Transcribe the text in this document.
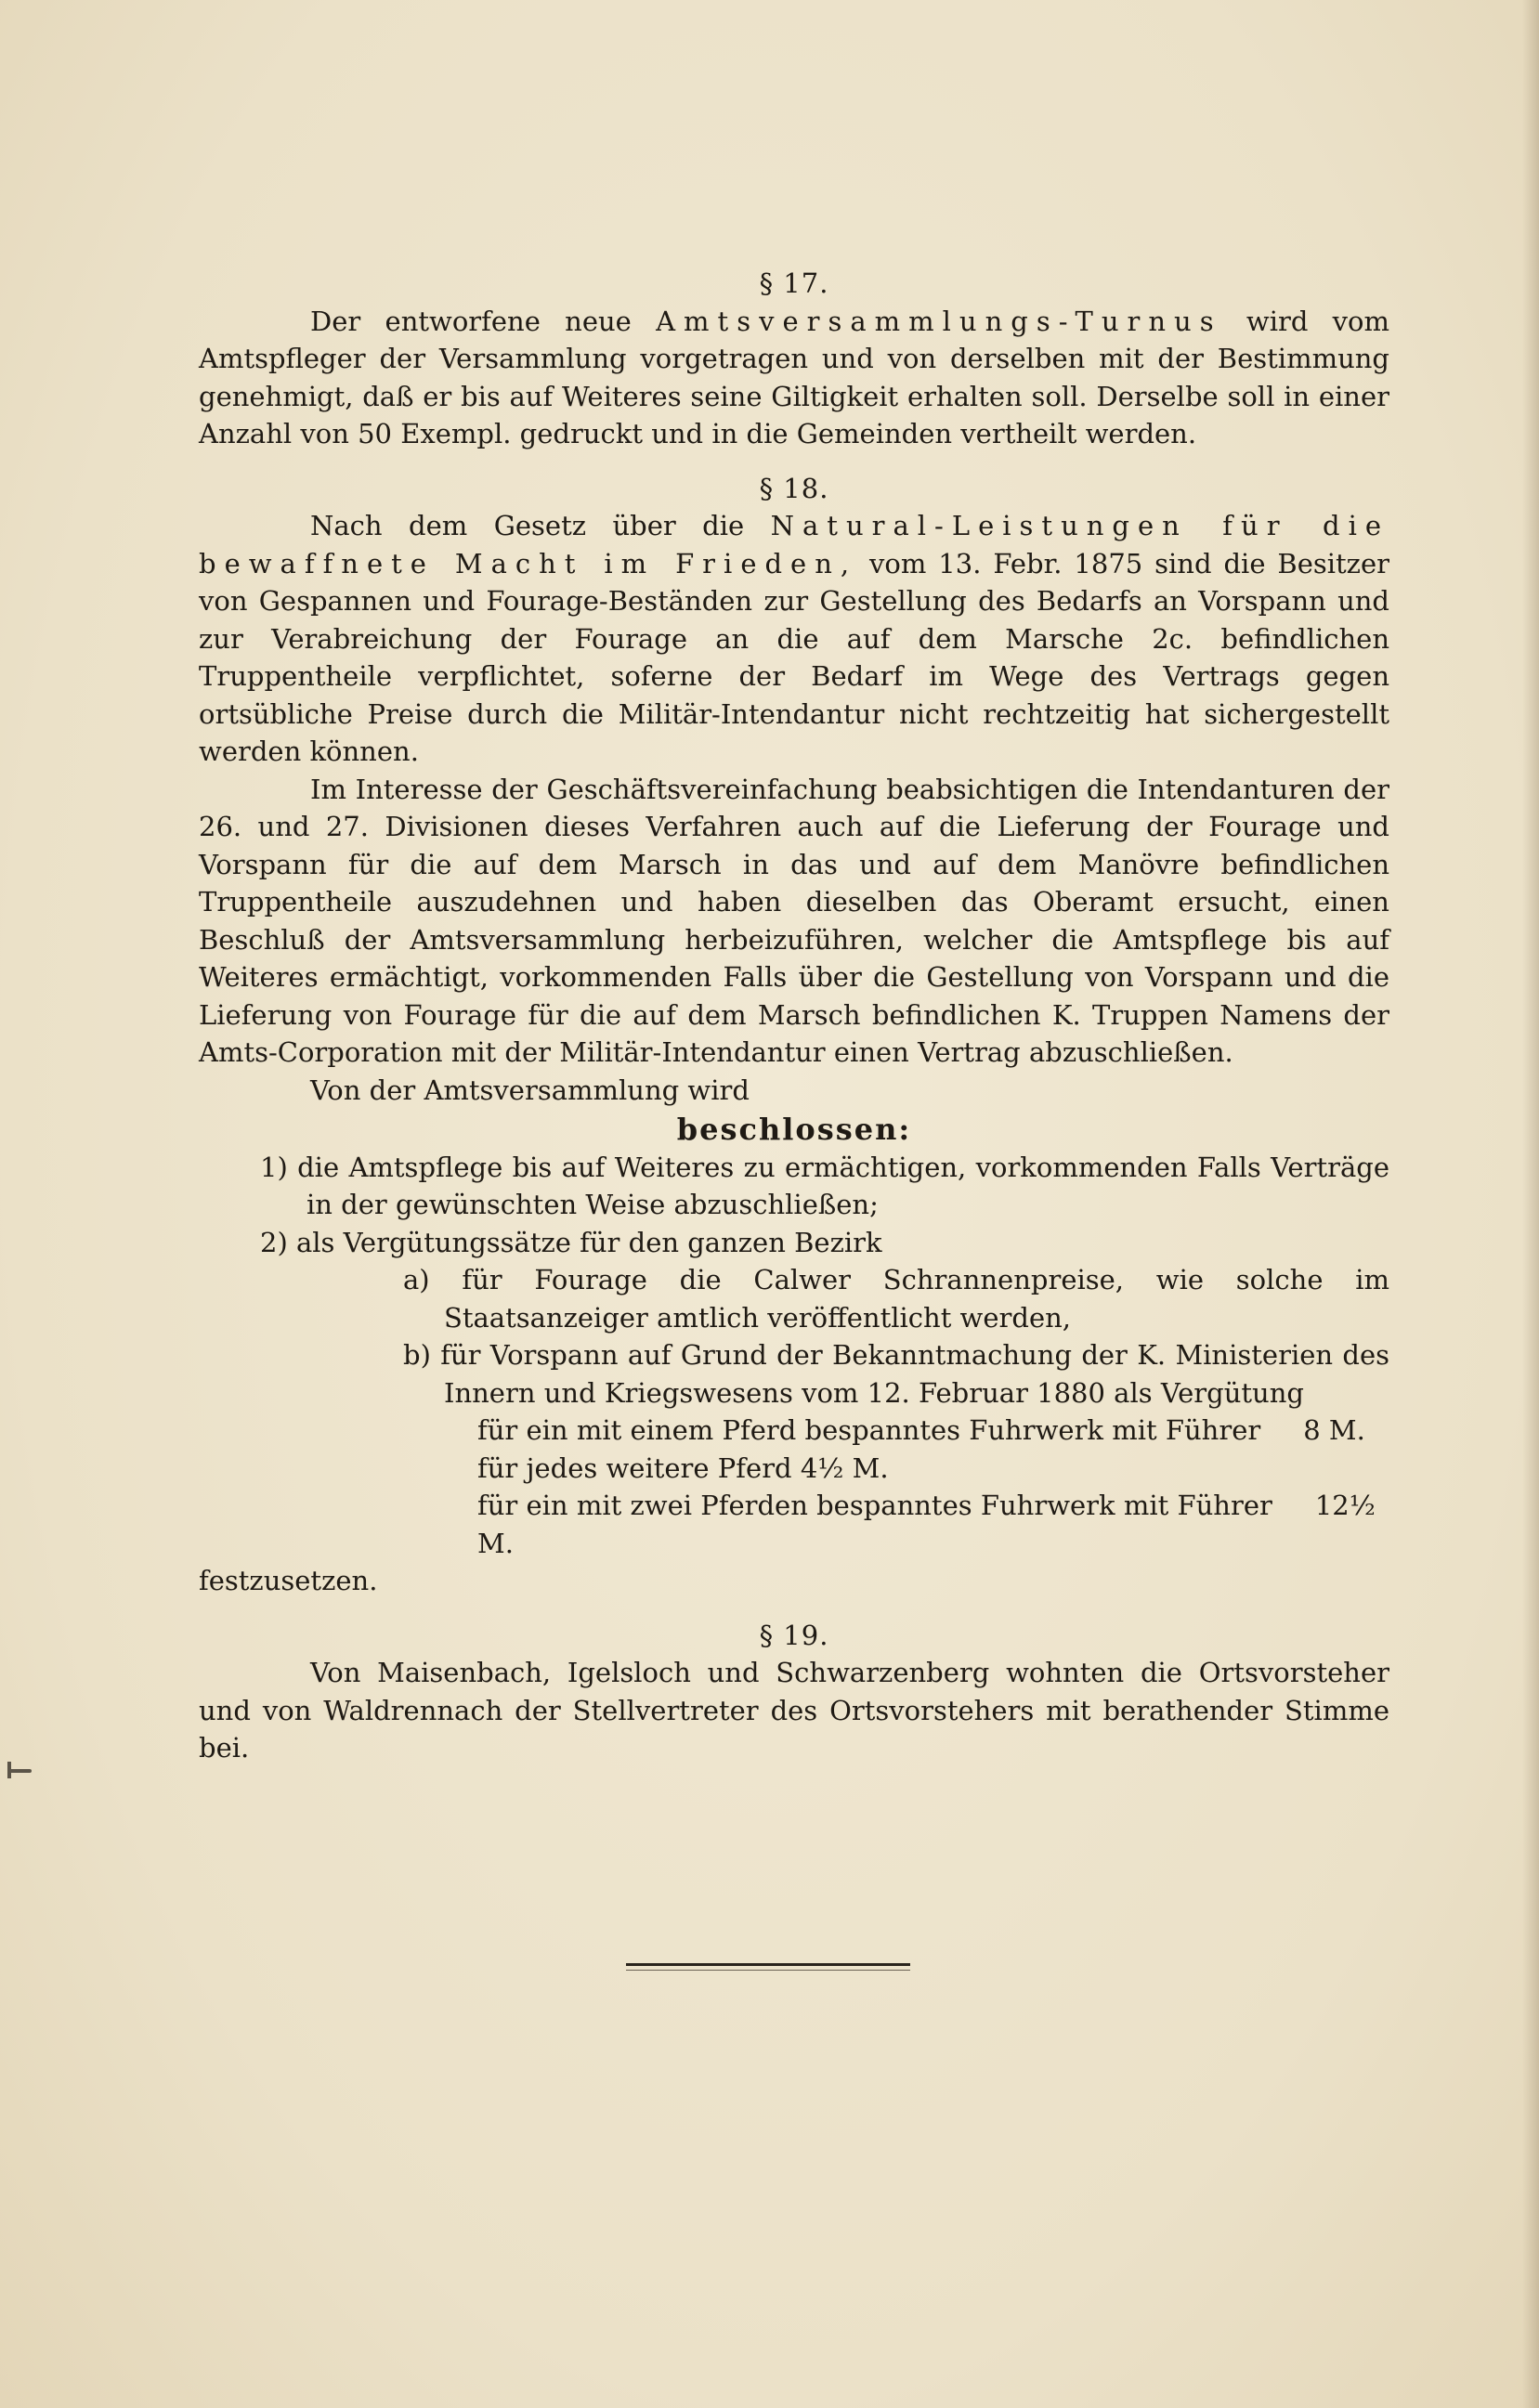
§ 17.

Der entworfene neue Amtsversammlungs-Turnus wird vom Amtspfleger der Versammlung vorgetragen und von derselben mit der Bestimmung genehmigt, daß er bis auf Weiteres seine Giltigkeit erhalten soll. Derselbe soll in einer Anzahl von 50 Exempl. gedruckt und in die Gemeinden vertheilt werden.

§ 18.

Nach dem Gesetz über die Natural-Leistungen für die bewaffnete Macht im Frieden, vom 13. Febr. 1875 sind die Besitzer von Gespannen und Fourage-Beständen zur Gestellung des Bedarfs an Vorspann und zur Verabreichung der Fourage an die auf dem Marsche 2c. befindlichen Truppentheile verpflichtet, soferne der Bedarf im Wege des Vertrags gegen ortsübliche Preise durch die Militär-Intendantur nicht rechtzeitig hat sichergestellt werden können.

Im Interesse der Geschäftsvereinfachung beabsichtigen die Intendanturen der 26. und 27. Divisionen dieses Verfahren auch auf die Lieferung der Fourage und Vorspann für die auf dem Marsch in das und auf dem Manövre befindlichen Truppentheile auszudehnen und haben dieselben das Oberamt ersucht, einen Beschluß der Amtsversammlung herbeizuführen, welcher die Amtspflege bis auf Weiteres ermächtigt, vorkommenden Falls über die Gestellung von Vorspann und die Lieferung von Fourage für die auf dem Marsch befindlichen K. Truppen Namens der Amts-Corporation mit der Militär-Intendantur einen Vertrag abzuschließen.

Von der Amtsversammlung wird

beschlossen:

1) die Amtspflege bis auf Weiteres zu ermächtigen, vorkommenden Falls Verträge in der gewünschten Weise abzuschließen;

2) als Vergütungssätze für den ganzen Bezirk

a) für Fourage die Calwer Schrannenpreise, wie solche im Staatsanzeiger amtlich veröffentlicht werden,

b) für Vorspann auf Grund der Bekanntmachung der K. Ministerien des Innern und Kriegswesens vom 12. Februar 1880 als Vergütung

für ein mit einem Pferd bespanntes Fuhrwerk mit Führer 8 M.

für jedes weitere Pferd 4½ M.

für ein mit zwei Pferden bespanntes Fuhrwerk mit Führer 12½ M.

festzusetzen.

§ 19.

Von Maisenbach, Igelsloch und Schwarzenberg wohnten die Ortsvorsteher und von Waldrennach der Stellvertreter des Ortsvorstehers mit berathender Stimme bei.
